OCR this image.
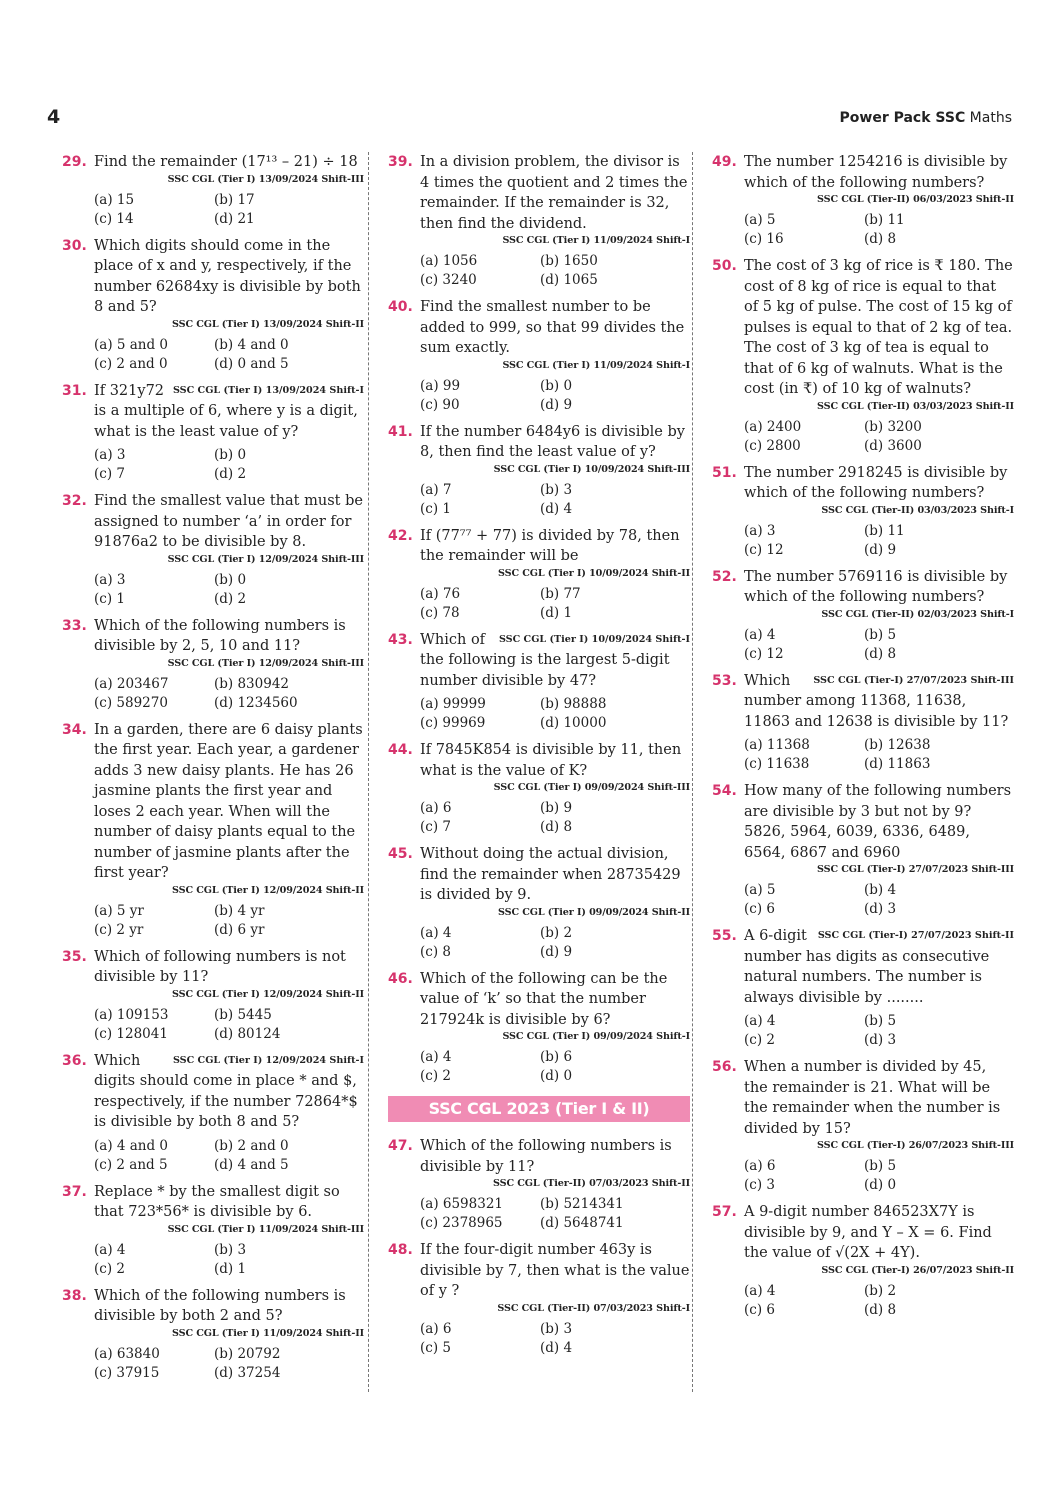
4	Power Pack SSC Maths
29. Find the remainder (17¹³ – 21) ÷ 18
SSC CGL (Tier I) 13/09/2024 Shift-III
(a) 15	(b) 17
(c) 14	(d) 21
30. Which digits should come in the place of x and y, respectively, if the number 62684xy is divisible by both 8 and 5?
SSC CGL (Tier I) 13/09/2024 Shift-II
(a) 5 and 0	(b) 4 and 0
(c) 2 and 0	(d) 0 and 5
31.	SSC CGL (Tier I) 13/09/2024 Shift-I
If 321y72 is a multiple of 6, where y is a digit, what is the least value of y?
(a) 3	(b) 0
(c) 7	(d) 2
32. Find the smallest value that must be assigned to number ‘a’ in order for 91876a2 to be divisible by 8.
SSC CGL (Tier I) 12/09/2024 Shift-III
(a) 3	(b) 0
(c) 1	(d) 2
33. Which of the following numbers is divisible by 2, 5, 10 and 11?
SSC CGL (Tier I) 12/09/2024 Shift-III
(a) 203467	(b) 830942
(c) 589270	(d) 1234560
34. In a garden, there are 6 daisy plants the first year. Each year, a gardener adds 3 new daisy plants. He has 26 jasmine plants the first year and loses 2 each year. When will the number of daisy plants equal to the number of jasmine plants after the first year?
SSC CGL (Tier I) 12/09/2024 Shift-II
(a) 5 yr	(b) 4 yr
(c) 2 yr	(d) 6 yr
35. Which of following numbers is not divisible by 11?
SSC CGL (Tier I) 12/09/2024 Shift-II
(a) 109153	(b) 5445
(c) 128041	(d) 80124
36.	SSC CGL (Tier I) 12/09/2024 Shift-I
Which digits should come in place * and $, respectively, if the number 72864*$ is divisible by both 8 and 5?
(a) 4 and 0	(b) 2 and 0
(c) 2 and 5	(d) 4 and 5
37. Replace * by the smallest digit so that 723*56* is divisible by 6.
SSC CGL (Tier I) 11/09/2024 Shift-III
(a) 4	(b) 3
(c) 2	(d) 1
38. Which of the following numbers is divisible by both 2 and 5?
SSC CGL (Tier I) 11/09/2024 Shift-II
(a) 63840	(b) 20792
(c) 37915	(d) 37254
39. In a division problem, the divisor is 4 times the quotient and 2 times the remainder. If the remainder is 32, then find the dividend.
SSC CGL (Tier I) 11/09/2024 Shift-I
(a) 1056	(b) 1650
(c) 3240	(d) 1065
40. Find the smallest number to be added to 999, so that 99 divides the sum exactly.
SSC CGL (Tier I) 11/09/2024 Shift-I
(a) 99	(b) 0
(c) 90	(d) 9
41. If the number 6484y6 is divisible by 8, then find the least value of y?
SSC CGL (Tier I) 10/09/2024 Shift-III
(a) 7	(b) 3
(c) 1	(d) 4
42. If (77⁷⁷ + 77) is divided by 78, then the remainder will be
SSC CGL (Tier I) 10/09/2024 Shift-II
(a) 76	(b) 77
(c) 78	(d) 1
43.	SSC CGL (Tier I) 10/09/2024 Shift-I
Which of the following is the largest 5-digit number divisible by 47?
(a) 99999	(b) 98888
(c) 99969	(d) 10000
44. If 7845K854 is divisible by 11, then what is the value of K?
SSC CGL (Tier I) 09/09/2024 Shift-III
(a) 6	(b) 9
(c) 7	(d) 8
45. Without doing the actual division, find the remainder when 28735429 is divided by 9.
SSC CGL (Tier I) 09/09/2024 Shift-II
(a) 4	(b) 2
(c) 8	(d) 9
46. Which of the following can be the value of ‘k’ so that the number 217924k is divisible by 6?
SSC CGL (Tier I) 09/09/2024 Shift-I
(a) 4	(b) 6
(c) 2	(d) 0
SSC CGL 2023 (Tier I & II)
47. Which of the following numbers is divisible by 11?
SSC CGL (Tier-II) 07/03/2023 Shift-II
(a) 6598321	(b) 5214341
(c) 2378965	(d) 5648741
48. If the four-digit number 463y is divisible by 7, then what is the value of y ?
SSC CGL (Tier-II) 07/03/2023 Shift-I
(a) 6	(b) 3
(c) 5	(d) 4
49. The number 1254216 is divisible by which of the following numbers?
SSC CGL (Tier-II) 06/03/2023 Shift-II
(a) 5	(b) 11
(c) 16	(d) 8
50. The cost of 3 kg of rice is ₹ 180. The cost of 8 kg of rice is equal to that of 5 kg of pulse. The cost of 15 kg of pulses is equal to that of 2 kg of tea. The cost of 3 kg of tea is equal to that of 6 kg of walnuts. What is the cost (in ₹) of 10 kg of walnuts?
SSC CGL (Tier-II) 03/03/2023 Shift-II
(a) 2400	(b) 3200
(c) 2800	(d) 3600
51. The number 2918245 is divisible by which of the following numbers?
SSC CGL (Tier-II) 03/03/2023 Shift-I
(a) 3	(b) 11
(c) 12	(d) 9
52. The number 5769116 is divisible by which of the following numbers?
SSC CGL (Tier-II) 02/03/2023 Shift-I
(a) 4	(b) 5
(c) 12	(d) 8
53.	SSC CGL (Tier-I) 27/07/2023 Shift-III
Which number among 11368, 11638, 11863 and 12638 is divisible by 11?
(a) 11368	(b) 12638
(c) 11638	(d) 11863
54. How many of the following numbers are divisible by 3 but not by 9? 5826, 5964, 6039, 6336, 6489, 6564, 6867 and 6960
SSC CGL (Tier-I) 27/07/2023 Shift-III
(a) 5	(b) 4
(c) 6	(d) 3
55.	SSC CGL (Tier-I) 27/07/2023 Shift-II
A 6-digit number has digits as consecutive natural numbers. The number is always divisible by ........
(a) 4	(b) 5
(c) 2	(d) 3
56. When a number is divided by 45, the remainder is 21. What will be the remainder when the number is divided by 15?
SSC CGL (Tier-I) 26/07/2023 Shift-III
(a) 6	(b) 5
(c) 3	(d) 0
57. A 9-digit number 846523X7Y is divisible by 9, and Y – X = 6. Find the value of √(2X + 4Y).
SSC CGL (Tier-I) 26/07/2023 Shift-II
(a) 4	(b) 2
(c) 6	(d) 8
